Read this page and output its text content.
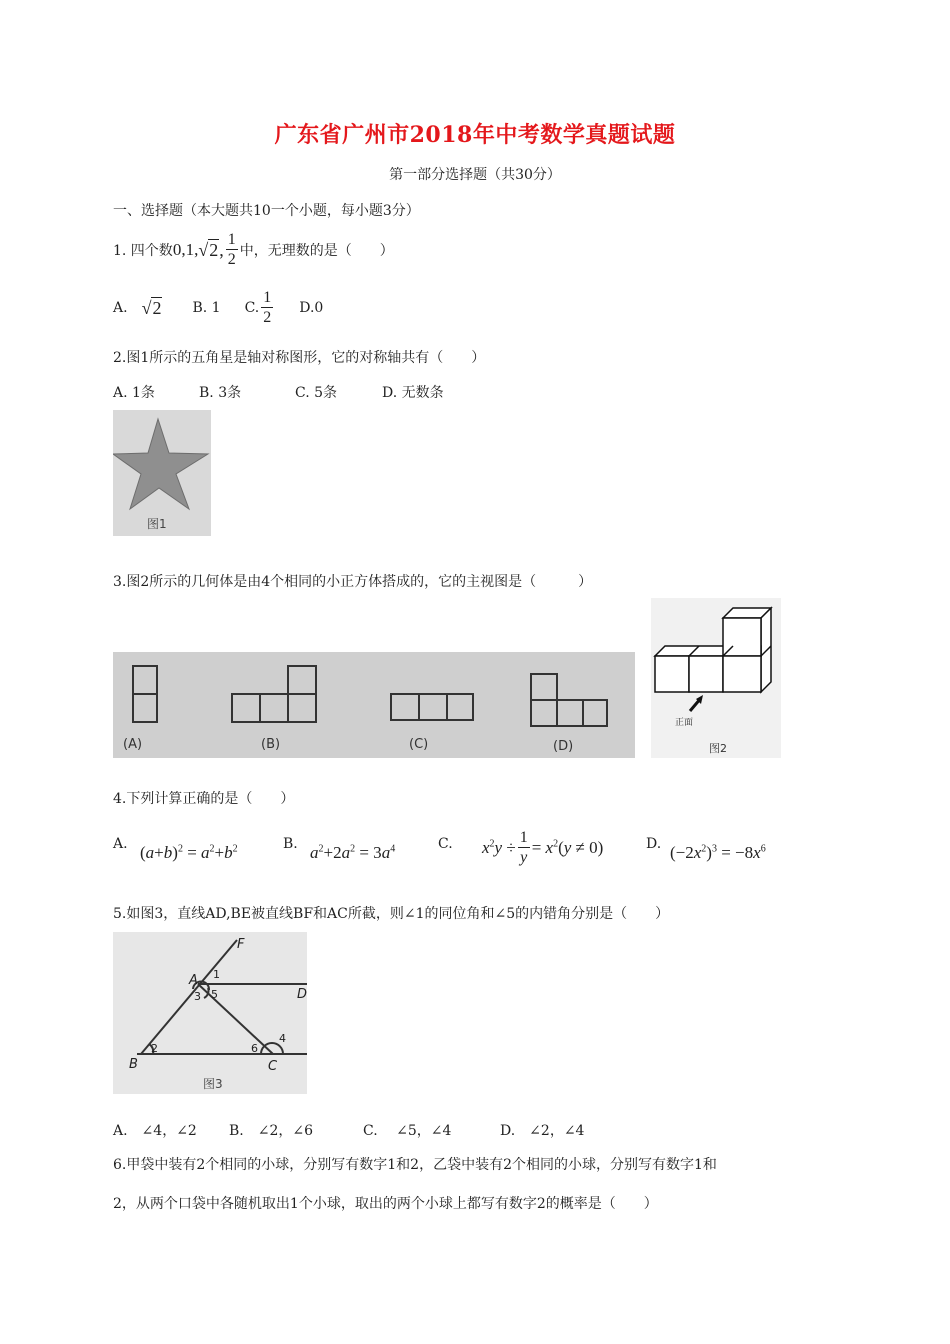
广东省广州市2018年中考数学真题试题
第一部分选择题（共30分）
一、选择题（本大题共10一个小题，每小题3分）
1. 四个数 0,1, √2, $\frac{1}{2}$ 中，无理数的是（　　）
A. √2 B. 1 C. $\frac{1}{2} D.0$
2.图1所示的五角星是轴对称图形，它的对称轴共有（　　）
A. 1条	B. 3条	C. 5条	D. 无数条
图1
3.图2所示的几何体是由4个相同的小正方体搭成的，它的主视图是（　　　）
(A)	(B)	(C)	(D)
正面
图2
4.下列计算正确的是（　　）
A. $(a+b)^2 = a^2+b^2$	B. $a^2+2a^2 = 3a^4$	C. $x^2y \div \frac{1}{y} = x^2(y \ne 0)$	D. $(-2x^2)^3 = -8x^6$
5.如图3，直线AD,BE被直线BF和AC所截，则∠1的同位角和∠5的内错角分别是（　　）
F
A
D
B	C
1
3 5
2	6
4
图3
A.　∠4，∠2 B.　∠2，∠6	C.　 ∠5，∠4	D.　∠2，∠4
6.甲袋中装有2个相同的小球，分别写有数字1和2，乙袋中装有2个相同的小球，分别写有数字1和
2，从两个口袋中各随机取出1个小球，取出的两个小球上都写有数字2的概率是（　　）
